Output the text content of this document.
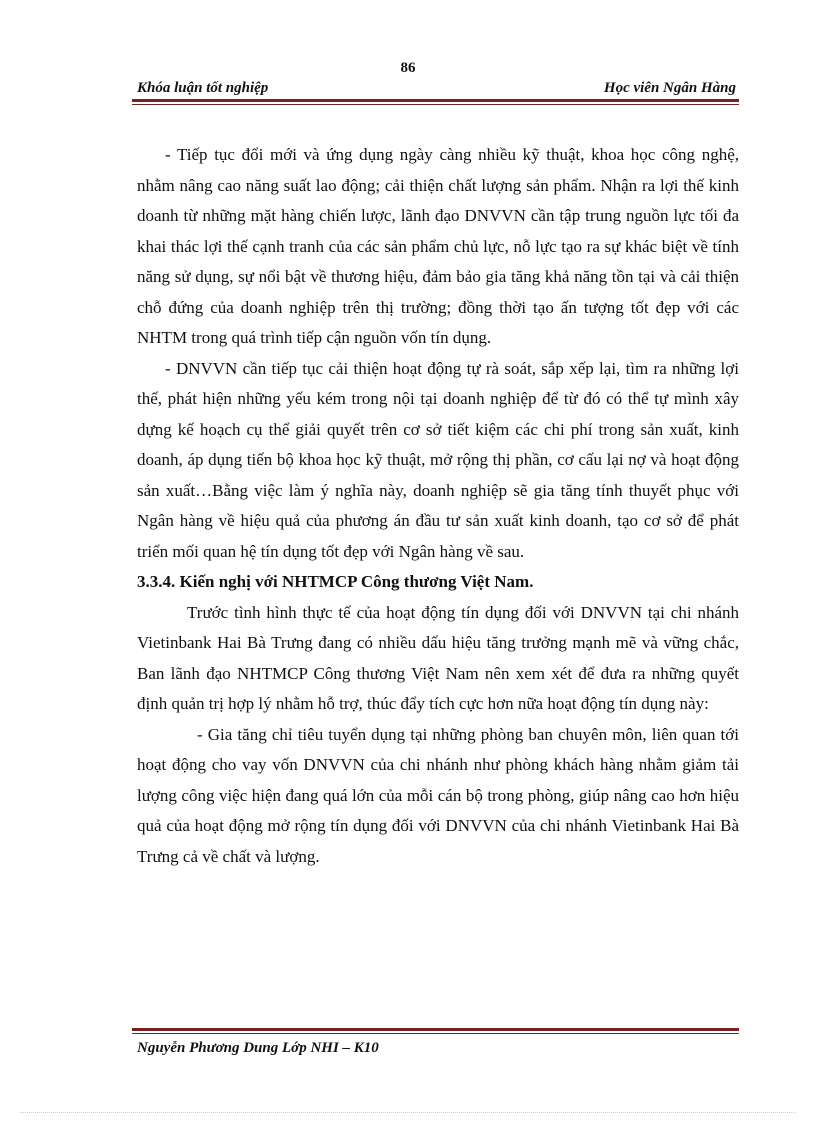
86
Khóa luận tốt nghiệp	Học viên Ngân Hàng

- Tiếp tục đổi mới và ứng dụng ngày càng nhiều kỹ thuật, khoa học công nghệ, nhằm nâng cao năng suất lao động; cải thiện chất lượng sản phẩm. Nhận ra lợi thế kinh doanh từ những mặt hàng chiến lược, lãnh đạo DNVVN cần tập trung nguồn lực tối đa khai thác lợi thế cạnh tranh của các sản phẩm chủ lực, nỗ lực tạo ra sự khác biệt về tính năng sử dụng, sự nổi bật về thương hiệu, đảm bảo gia tăng khả năng tồn tại và cải thiện chỗ đứng của doanh nghiệp trên thị trường; đồng thời tạo ấn tượng tốt đẹp với các NHTM trong quá trình tiếp cận nguồn vốn tín dụng.

- DNVVN cần tiếp tục cải thiện hoạt động tự rà soát, sắp xếp lại, tìm ra những lợi thế, phát hiện những yếu kém trong nội tại doanh nghiệp để từ đó có thể tự mình xây dựng kế hoạch cụ thể giải quyết trên cơ sở tiết kiệm các chi phí trong sản xuất, kinh doanh, áp dụng tiến bộ khoa học kỹ thuật, mở rộng thị phần, cơ cấu lại nợ và hoạt động sản xuất…Bằng việc làm ý nghĩa này, doanh nghiệp sẽ gia tăng tính thuyết phục với Ngân hàng về hiệu quả của phương án đầu tư sản xuất kinh doanh, tạo cơ sở để phát triển mối quan hệ tín dụng tốt đẹp với Ngân hàng về sau.

3.3.4. Kiến nghị với NHTMCP Công thương Việt Nam.

Trước tình hình thực tế của hoạt động tín dụng đối với DNVVN tại chi nhánh Vietinbank Hai Bà Trưng đang có nhiều dấu hiệu tăng trưởng mạnh mẽ và vững chắc, Ban lãnh đạo NHTMCP Công thương Việt Nam nên xem xét để đưa ra những quyết định quản trị hợp lý nhằm hỗ trợ, thúc đẩy tích cực hơn nữa hoạt động tín dụng này:

- Gia tăng chỉ tiêu tuyển dụng tại những phòng ban chuyên môn, liên quan tới hoạt động cho vay vốn DNVVN của chi nhánh như phòng khách hàng nhằm giảm tải lượng công việc hiện đang quá lớn của mỗi cán bộ trong phòng, giúp nâng cao hơn hiệu quả của hoạt động mở rộng tín dụng đối với DNVVN của chi nhánh Vietinbank Hai Bà Trưng cả về chất và lượng.

Nguyễn Phương Dung Lớp NHI – K10
